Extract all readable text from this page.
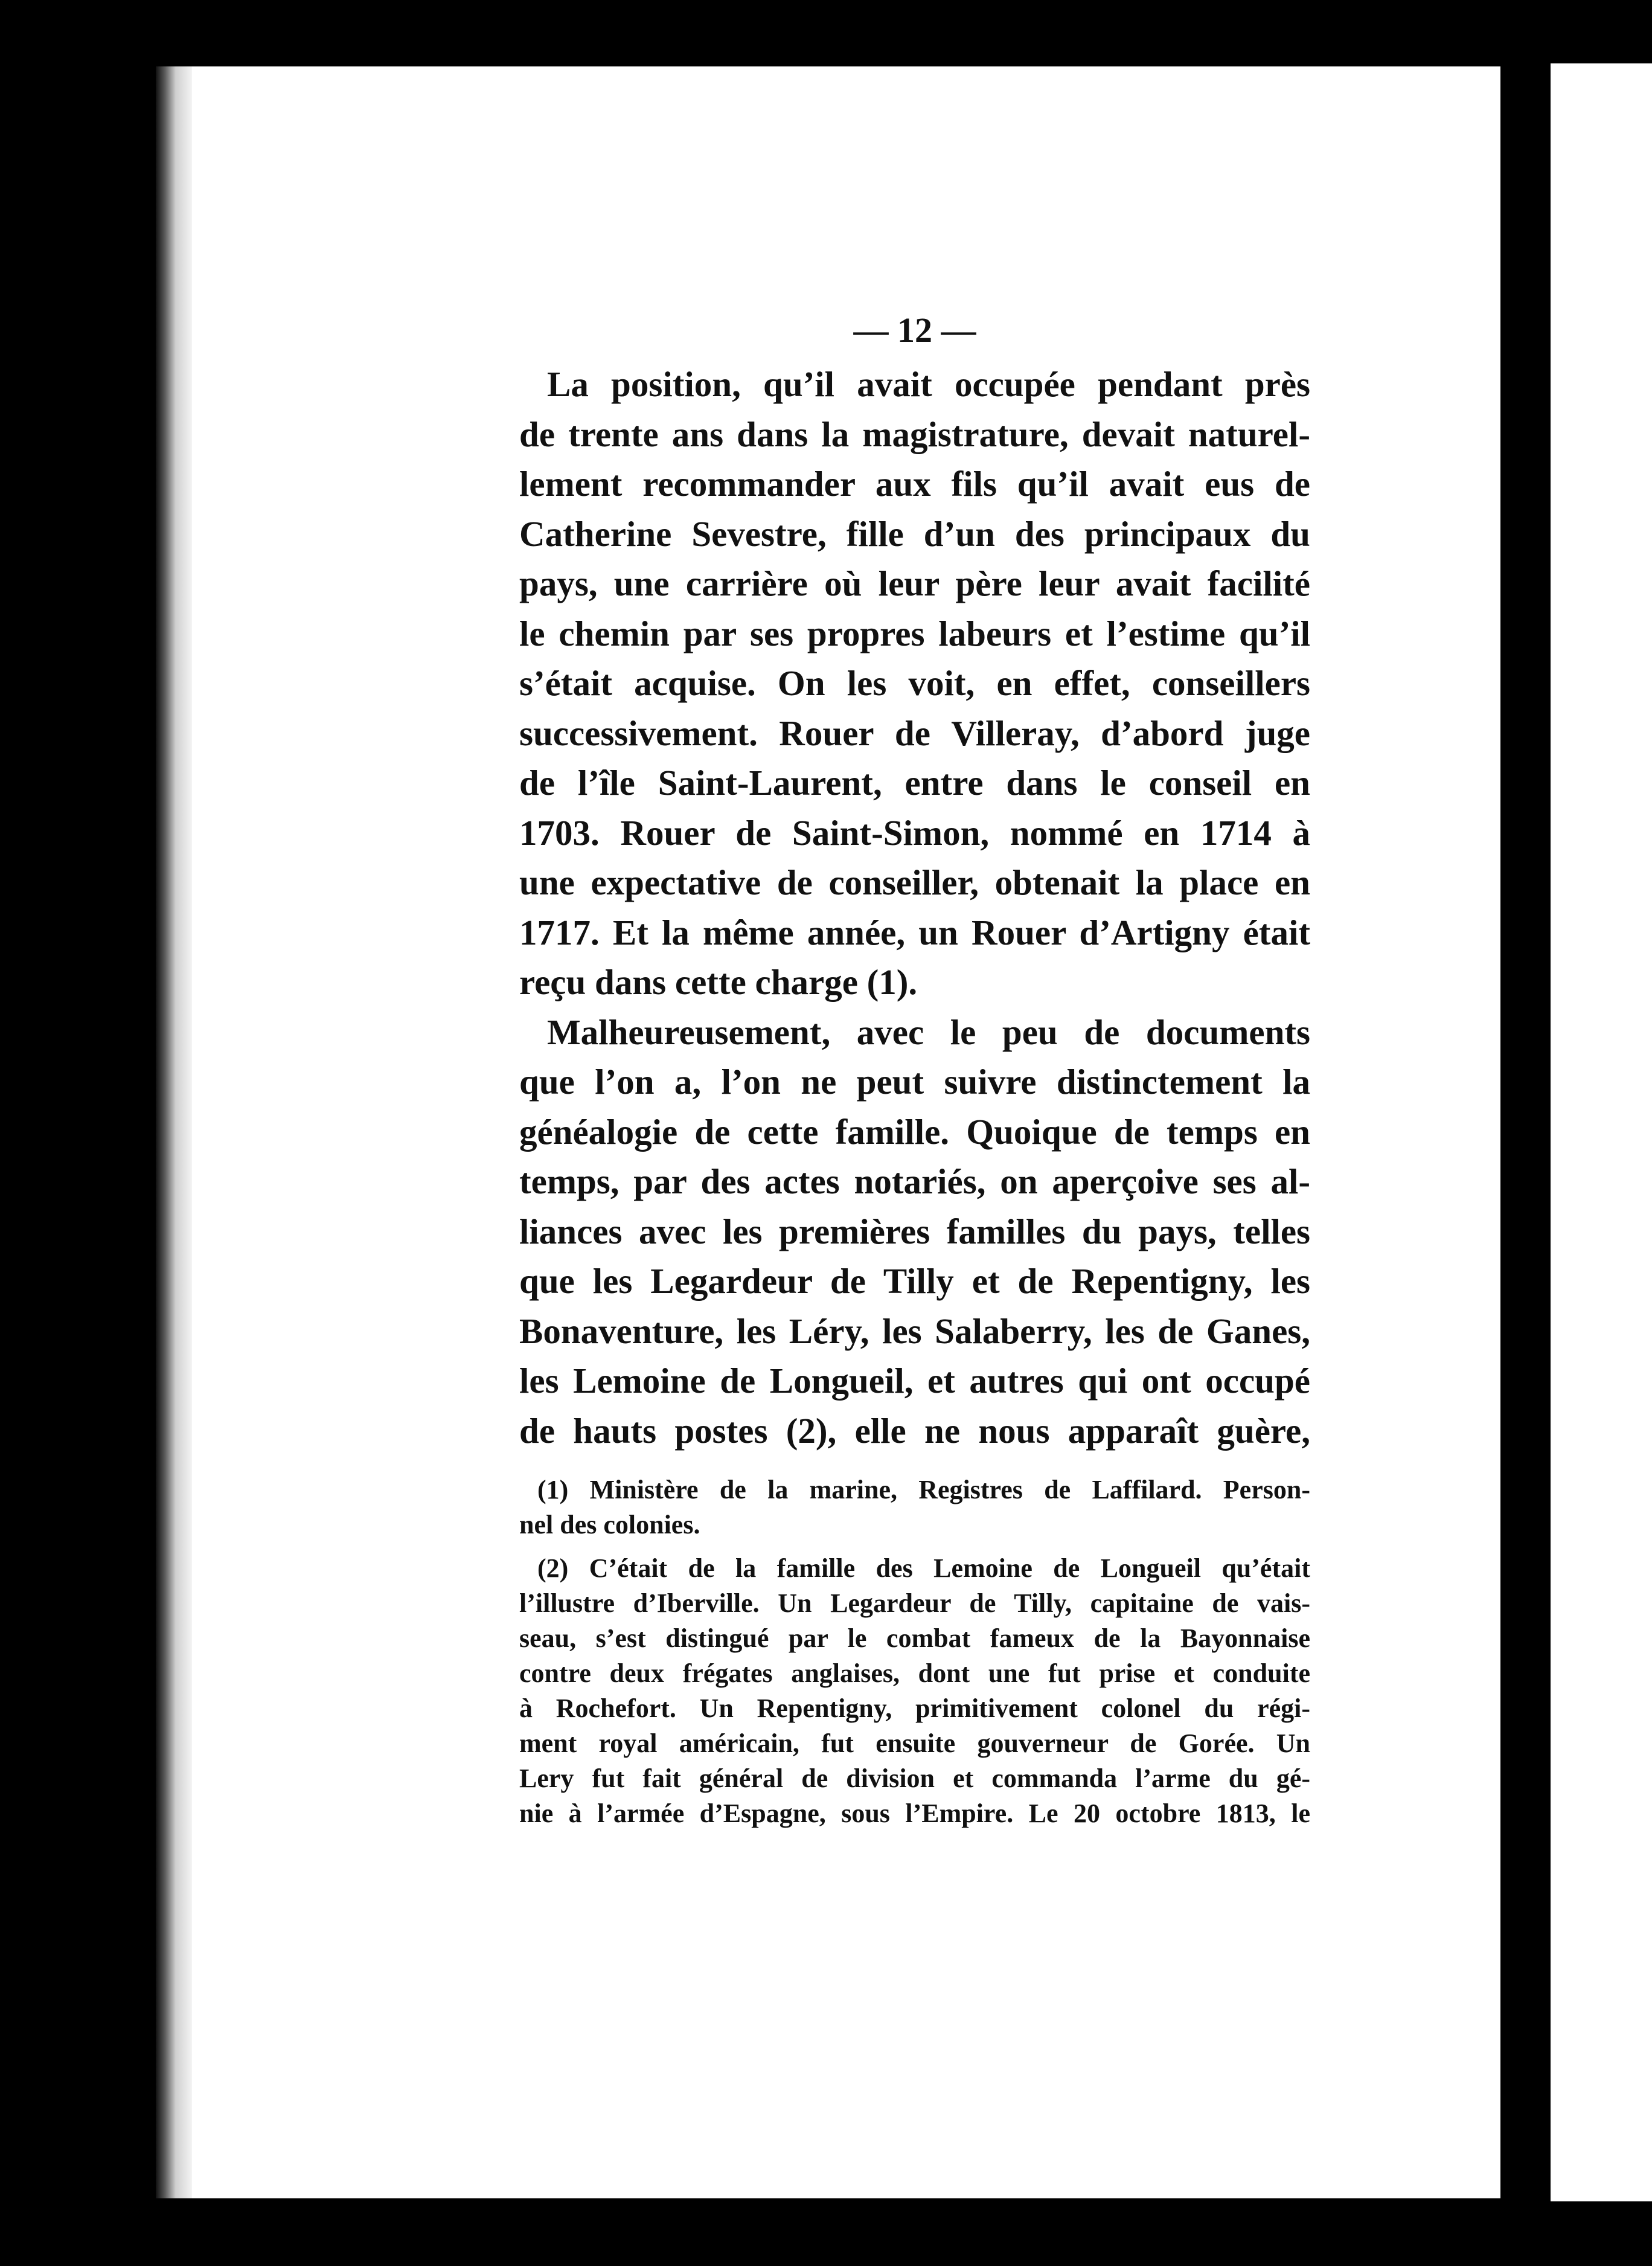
— 12 —
La position, qu’il avait occupée pendant près
de trente ans dans la magistrature, devait naturel-
lement recommander aux fils qu’il avait eus de
Catherine Sevestre, fille d’un des principaux du
pays, une carrière où leur père leur avait facilité
le chemin par ses propres labeurs et l’estime qu’il
s’était acquise. On les voit, en effet, conseillers
successivement. Rouer de Villeray, d’abord juge
de l’île Saint-Laurent, entre dans le conseil en
1703. Rouer de Saint-Simon, nommé en 1714 à
une expectative de conseiller, obtenait la place en
1717. Et la même année, un Rouer d’Artigny était
reçu dans cette charge (1).
Malheureusement, avec le peu de documents
que l’on a, l’on ne peut suivre distinctement la
généalogie de cette famille. Quoique de temps en
temps, par des actes notariés, on aperçoive ses al-
liances avec les premières familles du pays, telles
que les Legardeur de Tilly et de Repentigny, les
Bonaventure, les Léry, les Salaberry, les de Ganes,
les Lemoine de Longueil, et autres qui ont occupé
de hauts postes (2), elle ne nous apparaît guère,
(1) Ministère de la marine, Registres de Laffilard. Person-
nel des colonies.
(2) C’était de la famille des Lemoine de Longueil qu’était
l’illustre d’Iberville. Un Legardeur de Tilly, capitaine de vais-
seau, s’est distingué par le combat fameux de la Bayonnaise
contre deux frégates anglaises, dont une fut prise et conduite
à Rochefort. Un Repentigny, primitivement colonel du régi-
ment royal américain, fut ensuite gouverneur de Gorée. Un
Lery fut fait général de division et commanda l’arme du gé-
nie à l’armée d’Espagne, sous l’Empire. Le 20 octobre 1813, le
